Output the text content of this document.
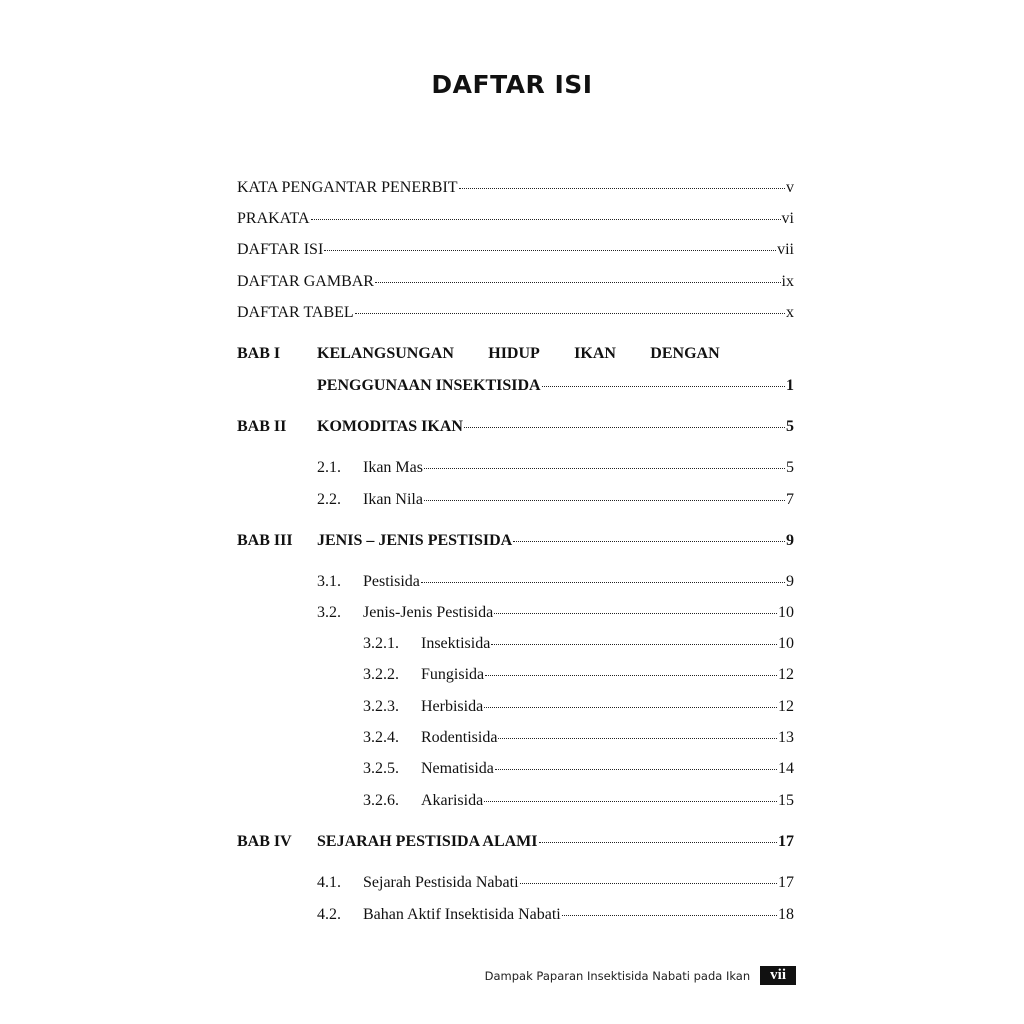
DAFTAR ISI
KATA PENGANTAR PENERBIT	v
PRAKATA	vi
DAFTAR ISI	vii
DAFTAR GAMBAR	ix
DAFTAR TABEL	x
BAB I KELANGSUNGAN HIDUP IKAN DENGAN
PENGGUNAAN INSEKTISIDA	1
BAB II KOMODITAS IKAN	5
2.1.	Ikan Mas	5
2.2.	Ikan Nila	7
BAB III JENIS – JENIS PESTISIDA	9
3.1.	Pestisida	9
3.2.	Jenis-Jenis Pestisida	10
3.2.1.	Insektisida	10
3.2.2.	Fungisida	12
3.2.3.	Herbisida	12
3.2.4.	Rodentisida	13
3.2.5.	Nematisida	14
3.2.6.	Akarisida	15
BAB IV SEJARAH PESTISIDA ALAMI	17
4.1.	Sejarah Pestisida Nabati	17
4.2.	Bahan Aktif Insektisida Nabati	18
Dampak Paparan Insektisida Nabati pada Ikan	vii
